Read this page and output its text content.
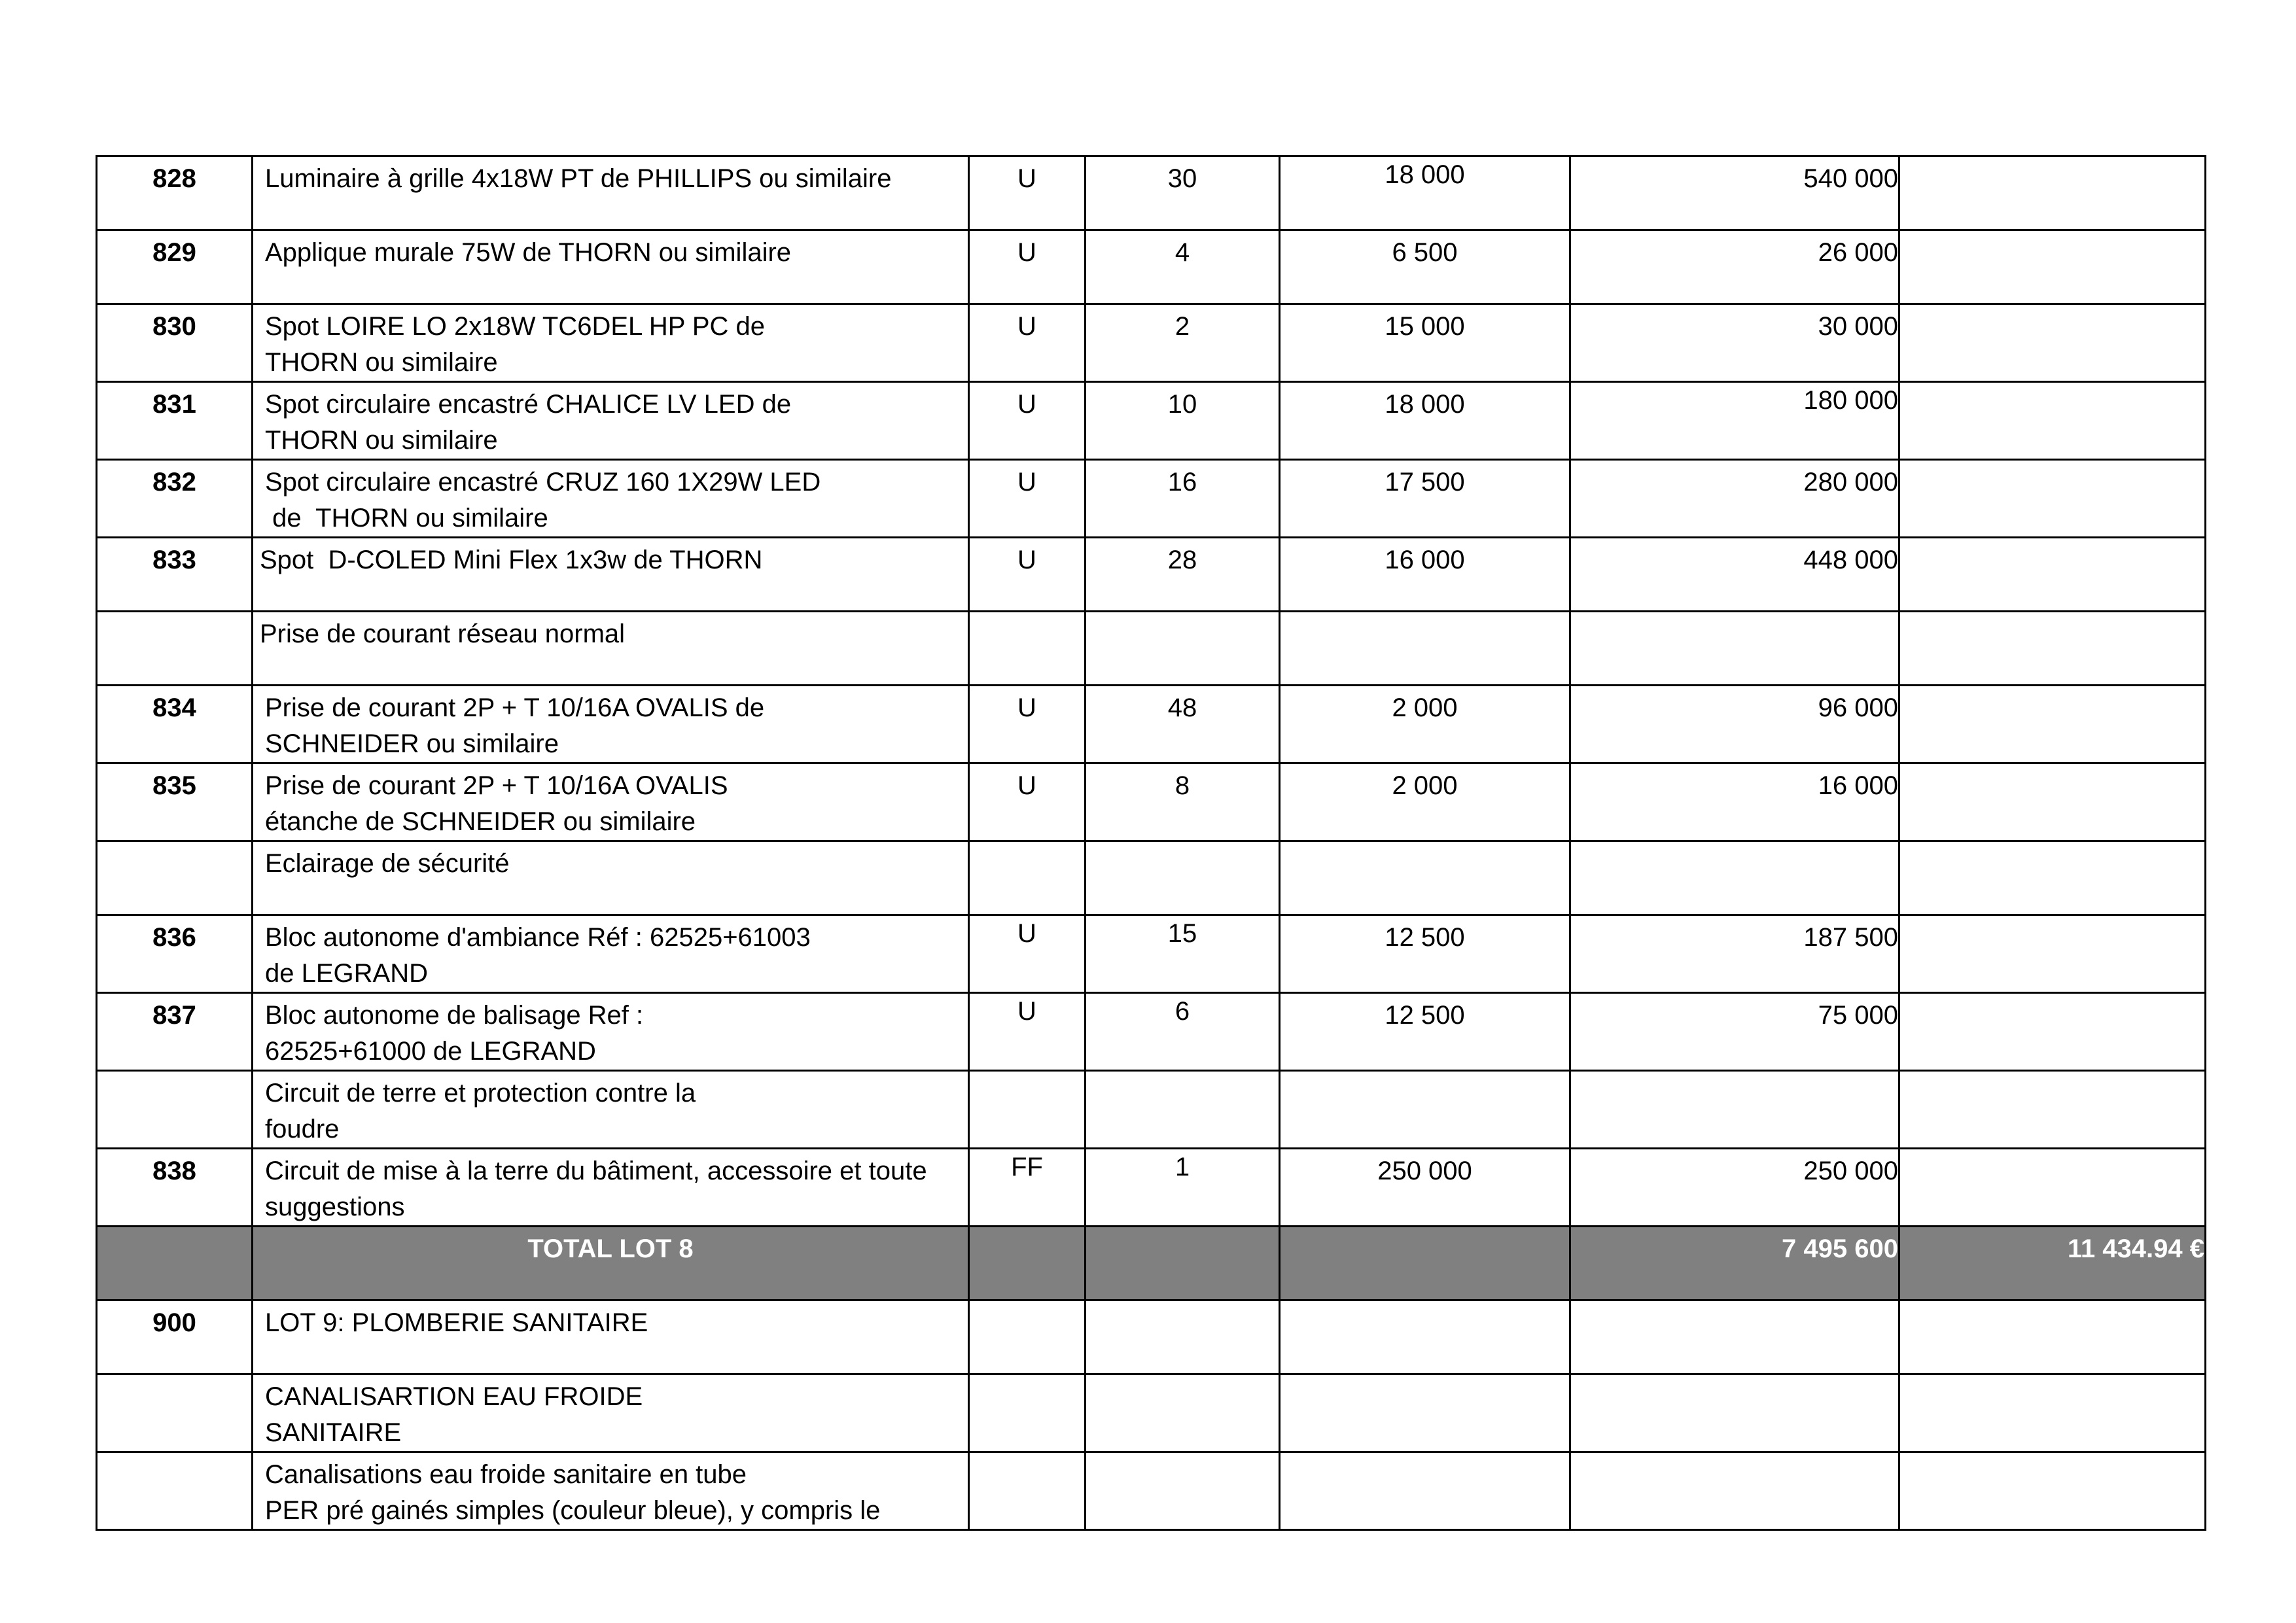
828	Luminaire à grille 4x18W PT de PHILLIPS ou similaire	U	30	18 000	540 000	
829	Applique murale 75W de THORN ou similaire	U	4	6 500	26 000	
830	Spot LOIRE LO 2x18W TC6DEL HP PC de
THORN ou similaire	U	2	15 000	30 000	
831	Spot circulaire encastré CHALICE LV LED de
THORN ou similaire	U	10	18 000	180 000	
832	Spot circulaire encastré CRUZ 160 1X29W LED
de  THORN ou similaire	U	16	17 500	280 000	
833	Spot  D-COLED Mini Flex 1x3w de THORN	U	28	16 000	448 000	

	Prise de courant réseau normal					

834	Prise de courant 2P + T 10/16A OVALIS de
SCHNEIDER ou similaire	U	48	2 000	96 000	
835	Prise de courant 2P + T 10/16A OVALIS
étanche de SCHNEIDER ou similaire	U	8	2 000	16 000	

	Eclairage de sécurité					

836	Bloc autonome d'ambiance Réf : 62525+61003
de LEGRAND	U	15	12 500	187 500	
837	Bloc autonome de balisage Ref :
62525+61000 de LEGRAND	U	6	12 500	75 000	

	Circuit de terre et protection contre la
foudre					

838	Circuit de mise à la terre du bâtiment, accessoire et toute
suggestions	FF	1	250 000	250 000	
	TOTAL LOT 8				7 495 600	11 434.94 €
900	LOT 9: PLOMBERIE SANITAIRE					

	CANALISARTION EAU FROIDE
SANITAIRE					

	Canalisations eau froide sanitaire en tube
PER pré gainés simples (couleur bleue), y compris le					
